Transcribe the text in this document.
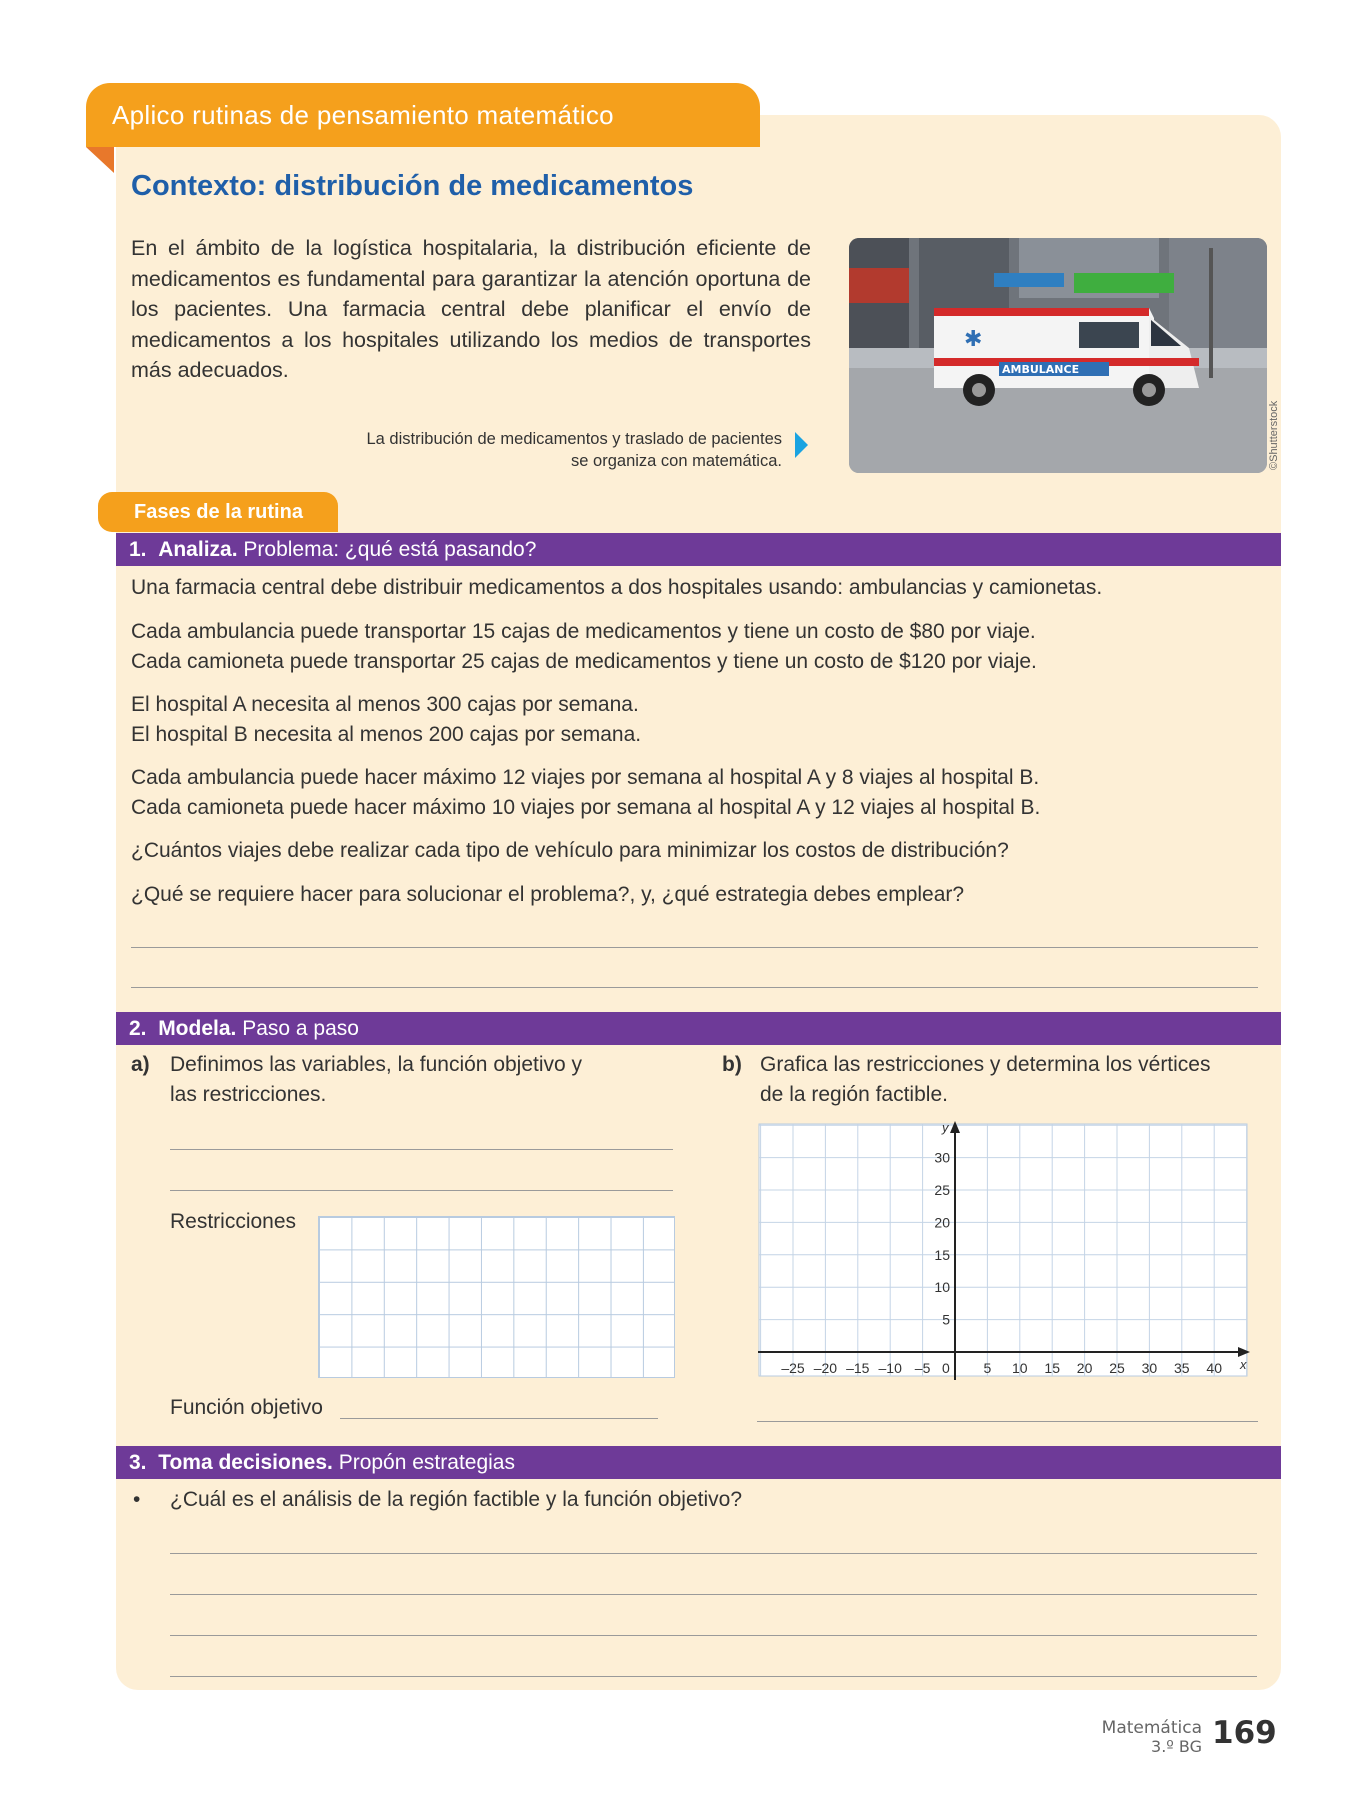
Aplico rutinas de pensamiento matemático
Contexto: distribución de medicamentos
En el ámbito de la logística hospitalaria, la distribución eficiente de medicamentos es fundamental para garantizar la atención oportuna de los pacientes. Una farmacia central debe planificar el envío de medicamentos a los hospitales utilizando los medios de transportes más adecuados.
La distribución de medicamentos y traslado de pacientes
se organiza con matemática.
AMBULANCE
✱
©Shutterstock
Fases de la rutina
1. Analiza. Problema: ¿qué está pasando?
Una farmacia central debe distribuir medicamentos a dos hospitales usando: ambulancias y camionetas.
Cada ambulancia puede transportar 15 cajas de medicamentos y tiene un costo de $80 por viaje.
Cada camioneta puede transportar 25 cajas de medicamentos y tiene un costo de $120 por viaje.
El hospital A necesita al menos 300 cajas por semana.
El hospital B necesita al menos 200 cajas por semana.
Cada ambulancia puede hacer máximo 12 viajes por semana al hospital A y 8 viajes al hospital B.
Cada camioneta puede hacer máximo 10 viajes por semana al hospital A y 12 viajes al hospital B.
¿Cuántos viajes debe realizar cada tipo de vehículo para minimizar los costos de distribución?
¿Qué se requiere hacer para solucionar el problema?, y, ¿qué estrategia debes emplear?
2. Modela. Paso a paso
a) Definimos las variables, la función objetivo y
las restricciones.
Restricciones
Función objetivo
b) Grafica las restricciones y determina los vértices
de la región factible.
x
y
–25 –20 –15 –10 –5 0 5 10 15 20 25 30 35 40
5
10
15
20
25
30
3. Toma decisiones. Propón estrategias
• ¿Cuál es el análisis de la región factible y la función objetivo?
Matemática
3.º BG 169
